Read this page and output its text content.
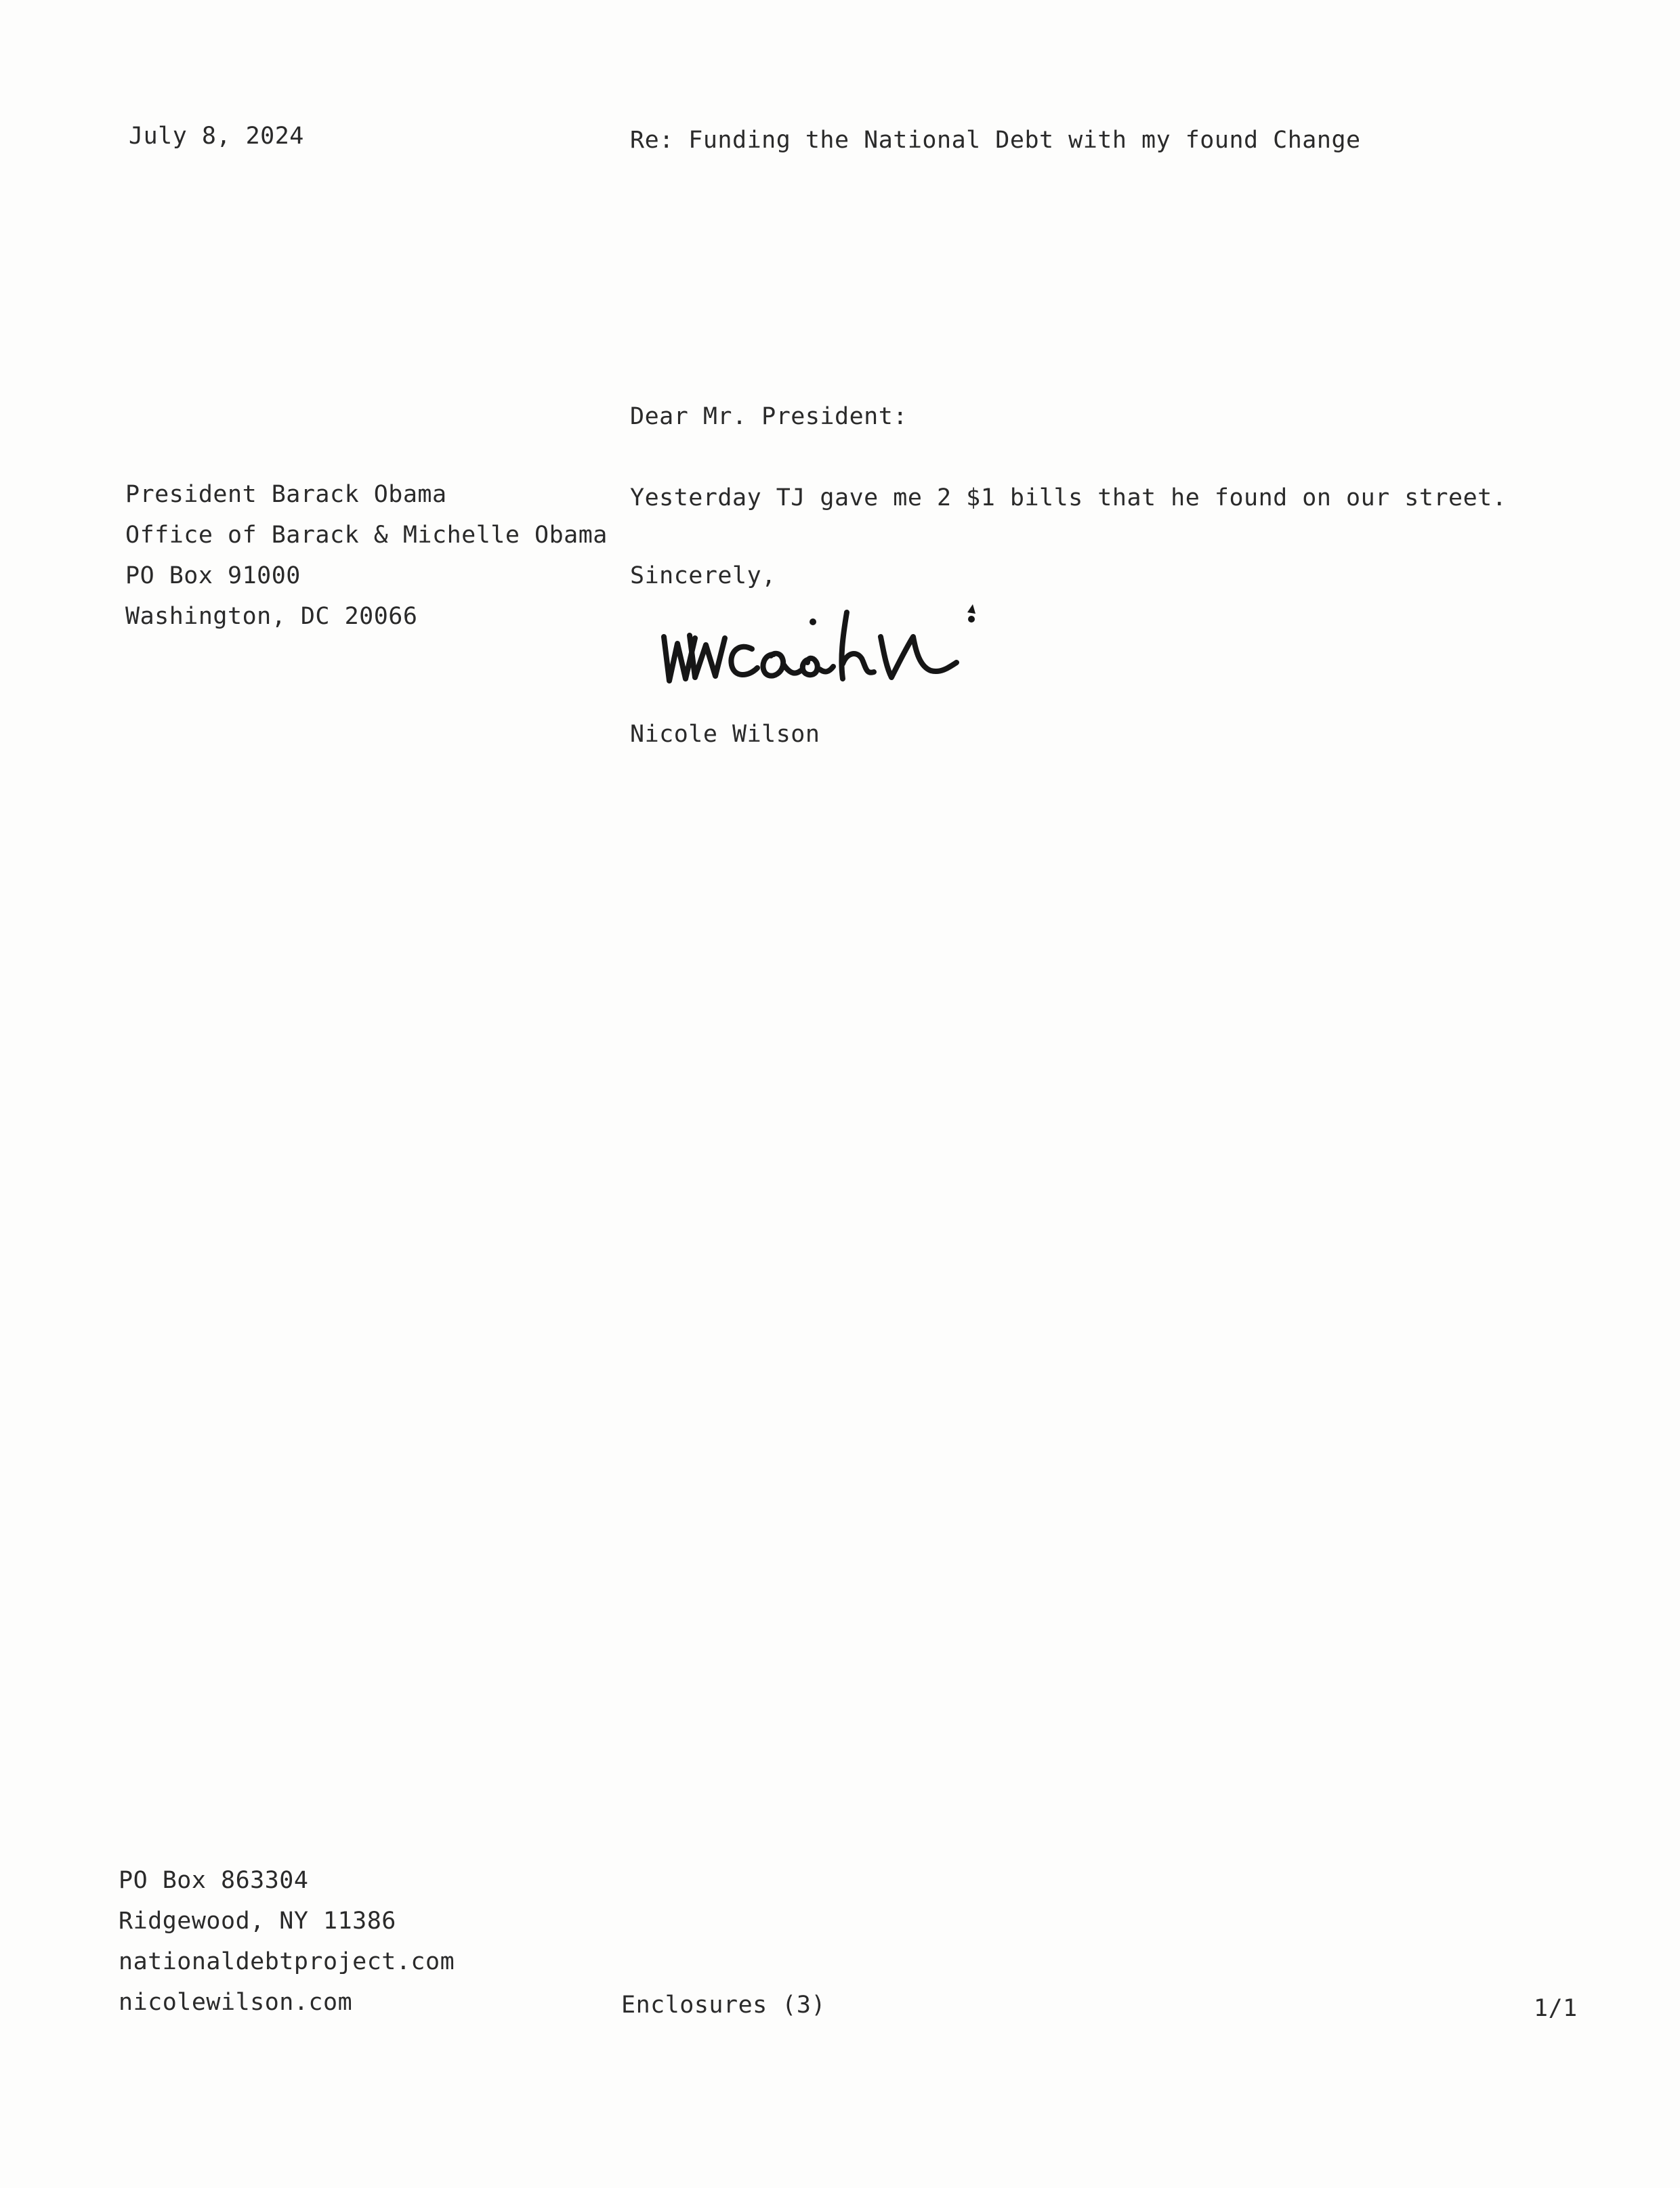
July 8, 2024	Re: Funding the National Debt with my found Change
Dear Mr. President:
President Barack Obama
Office of Barack & Michelle Obama
PO Box 91000
Washington, DC 20066
Yesterday TJ gave me 2 $1 bills that he found on our street.
Sincerely,
Nicole Wilson
PO Box 863304
Ridgewood, NY 11386
nationaldebtproject.com
nicolewilson.com	Enclosures (3)	1/1
